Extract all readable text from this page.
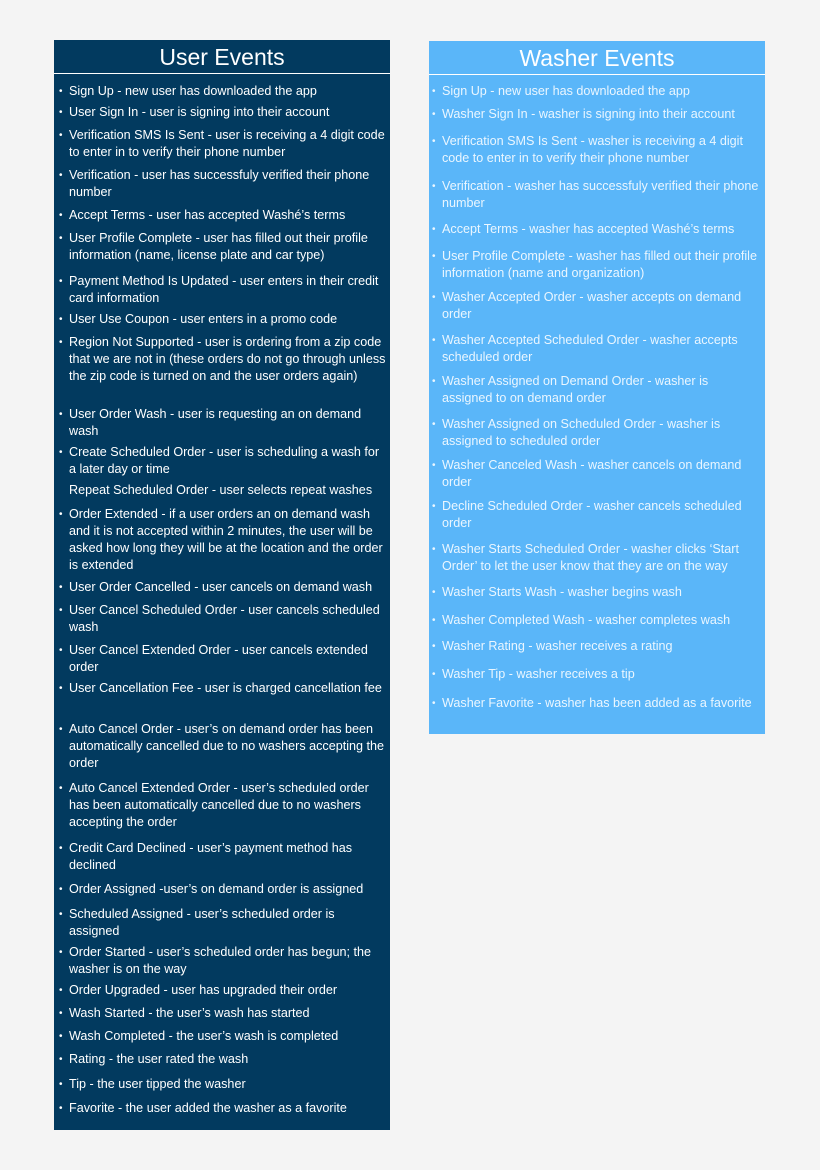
User Events
• Sign Up - new user has downloaded the app
• User Sign In - user is signing into their account
• Verification SMS Is Sent - user is receiving a 4 digit code to enter in to verify their phone number
• Verification - user has successfuly verified their phone number
• Accept Terms - user has accepted Washé’s terms
• User Profile Complete - user has filled out their profile information (name, license plate and car type)
• Payment Method Is Updated - user enters in their credit card information
• User Use Coupon - user enters in a promo code
• Region Not Supported - user is ordering from a zip code that we are not in (these orders do not go through unless the zip code is turned on and the user orders again)
• User Order Wash - user is requesting an on demand wash
• Create Scheduled Order - user is scheduling a wash for a later day or time
Repeat Scheduled Order - user selects repeat washes
• Order Extended - if a user orders an on demand wash and it is not accepted within 2 minutes, the user will be asked how long they will be at the location and the order is extended
• User Order Cancelled - user cancels on demand wash
• User Cancel Scheduled Order - user cancels scheduled wash
• User Cancel Extended Order - user cancels extended order
• User Cancellation Fee - user is charged cancellation fee
• Auto Cancel Order - user’s on demand order has been automatically cancelled due to no washers accepting the order
• Auto Cancel Extended Order - user’s scheduled order has been automatically cancelled due to no washers accepting the order
• Credit Card Declined - user’s payment method has declined
• Order Assigned -user’s on demand order is assigned
• Scheduled Assigned - user’s scheduled order is assigned
• Order Started - user’s scheduled order has begun; the washer is on the way
• Order Upgraded - user has upgraded their order
• Wash Started - the user’s wash has started
• Wash Completed - the user’s wash is completed
• Rating - the user rated the wash
• Tip - the user tipped the washer
• Favorite - the user added the washer as a favorite
Washer Events
• Sign Up - new user has downloaded the app
• Washer Sign In - washer is signing into their account
• Verification SMS Is Sent - washer is receiving a 4 digit code to enter in to verify their phone number
• Verification - washer has successfuly verified their phone number
• Accept Terms - washer has accepted Washé’s terms
• User Profile Complete - washer has filled out their profile information (name and organization)
• Washer Accepted Order - washer accepts on demand order
• Washer Accepted Scheduled Order - washer accepts scheduled order
• Washer Assigned on Demand Order - washer is assigned to on demand order
• Washer Assigned on Scheduled Order - washer is assigned to scheduled order
• Washer Canceled Wash - washer cancels on demand order
• Decline Scheduled Order - washer cancels scheduled order
• Washer Starts Scheduled Order - washer clicks ‘Start Order’ to let the user know that they are on the way
• Washer Starts Wash - washer begins wash
• Washer Completed Wash - washer completes wash
• Washer Rating - washer receives a rating
• Washer Tip - washer receives a tip
• Washer Favorite - washer has been added as a favorite
